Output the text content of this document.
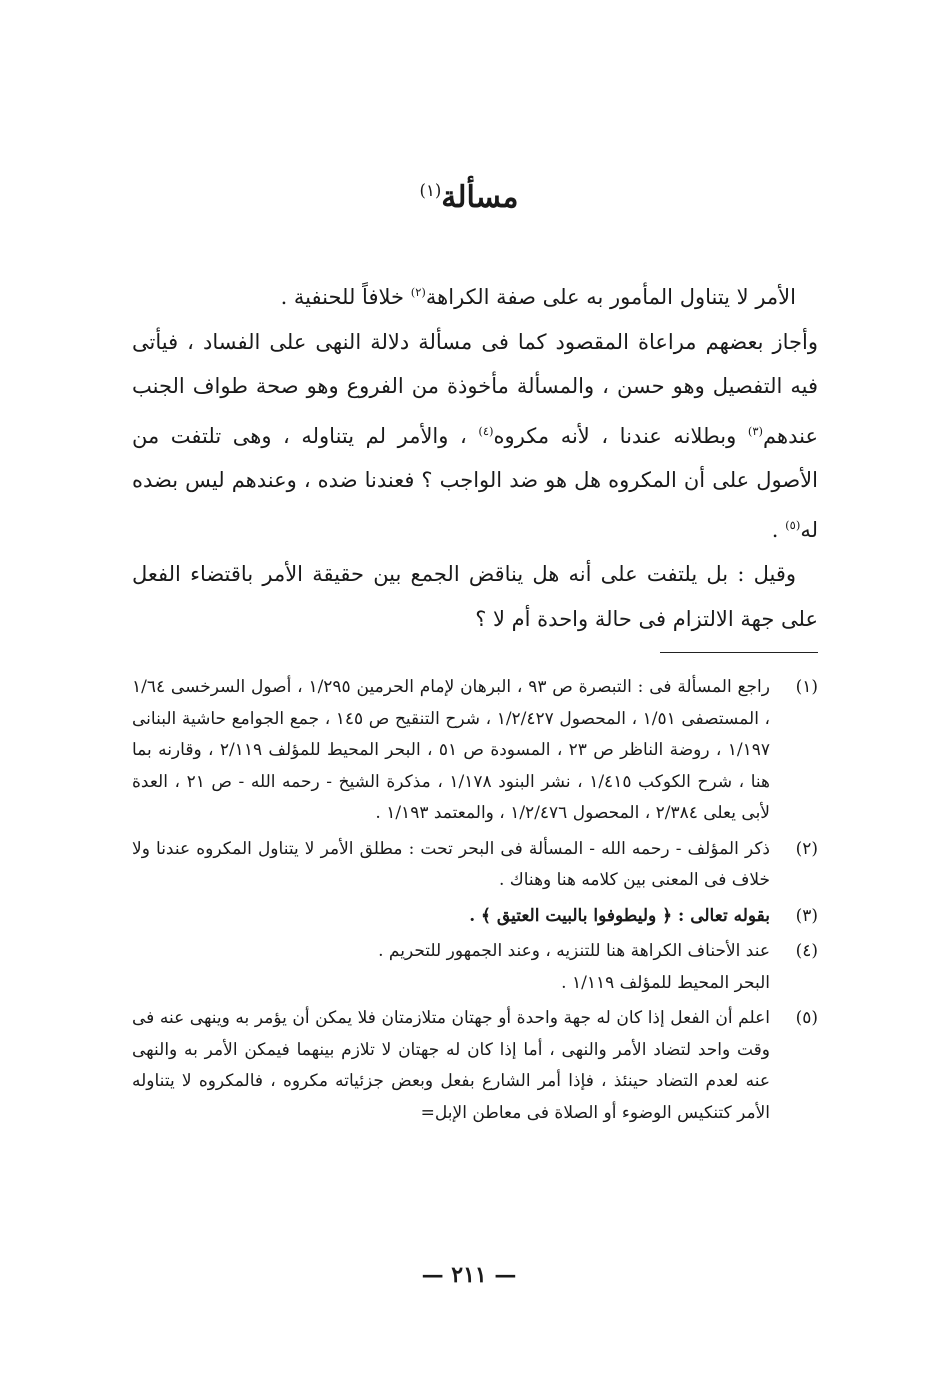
مسألة$^{(١)}$

الأمر لا يتناول المأمور به على صفة الكراهة$^{(٢)}$ خلافاً للحنفية .

وأجاز بعضهم مراعاة المقصود كما فى مسألة دلالة النهى على الفساد ، فيأتى فيه التفصيل وهو حسن ، والمسألة مأخوذة من الفروع وهو صحة طواف الجنب عندهم$^{(٣)}$ وبطلانه عندنا ، لأنه مكروه$^{(٤)}$ ، والأمر لم يتناوله ، وهى تلتفت من الأصول على أن المكروه هل هو ضد الواجب ؟ فعندنا ضده ، وعندهم ليس بضده له$^{(٥)}$ .

وقيل : بل يلتفت على أنه هل يناقض الجمع بين حقيقة الأمر باقتضاء الفعل على جهة الالتزام فى حالة واحدة أم لا ؟

(١)
راجع المسألة فى : التبصرة ص ٩٣ ، البرهان لإمام الحرمين ١/٢٩٥ ، أصول السرخسى ١/٦٤ ، المستصفى ١/٥١ ، المحصول ١/٢/٤٢٧ ، شرح التنقيح ص ١٤٥ ، جمع الجوامع حاشية البنانى ١/١٩٧ ، روضة الناظر ص ٢٣ ، المسودة ص ٥١ ، البحر المحيط للمؤلف ٢/١١٩ ، وقارنه بما هنا ، شرح الكوكب ١/٤١٥ ، نشر البنود ١/١٧٨ ، مذكرة الشيخ - رحمه الله - ص ٢١ ، العدة لأبى يعلى ٢/٣٨٤ ، المحصول ١/٢/٤٧٦ ، والمعتمد ١/١٩٣ .
(٢)
ذكر المؤلف - رحمه الله - المسألة فى البحر تحت : مطلق الأمر لا يتناول المكروه عندنا ولا خلاف فى المعنى بين كلامه هنا وهناك .
(٣)
بقوله تعالى : ﴿ وليطوفوا بالبيت العتيق ﴾ .
(٤)
عند الأحناف الكراهة هنا للتنزيه ، وعند الجمهور للتحريم .
البحر المحيط للمؤلف ١/١١٩ .
(٥)
اعلم أن الفعل إذا كان له جهة واحدة أو جهتان متلازمتان فلا يمكن أن يؤمر به وينهى عنه فى وقت واحد لتضاد الأمر والنهى ، أما إذا كان له جهتان لا تلازم بينهما فيمكن الأمر به والنهى عنه لعدم التضاد حينئذ ، فإذا أمر الشارع بفعل وبعض جزئياته مكروه ، فالمكروه لا يتناوله الأمر كتنكيس الوضوء أو الصلاة فى معاطن الإبل=
— ٢١١ —
